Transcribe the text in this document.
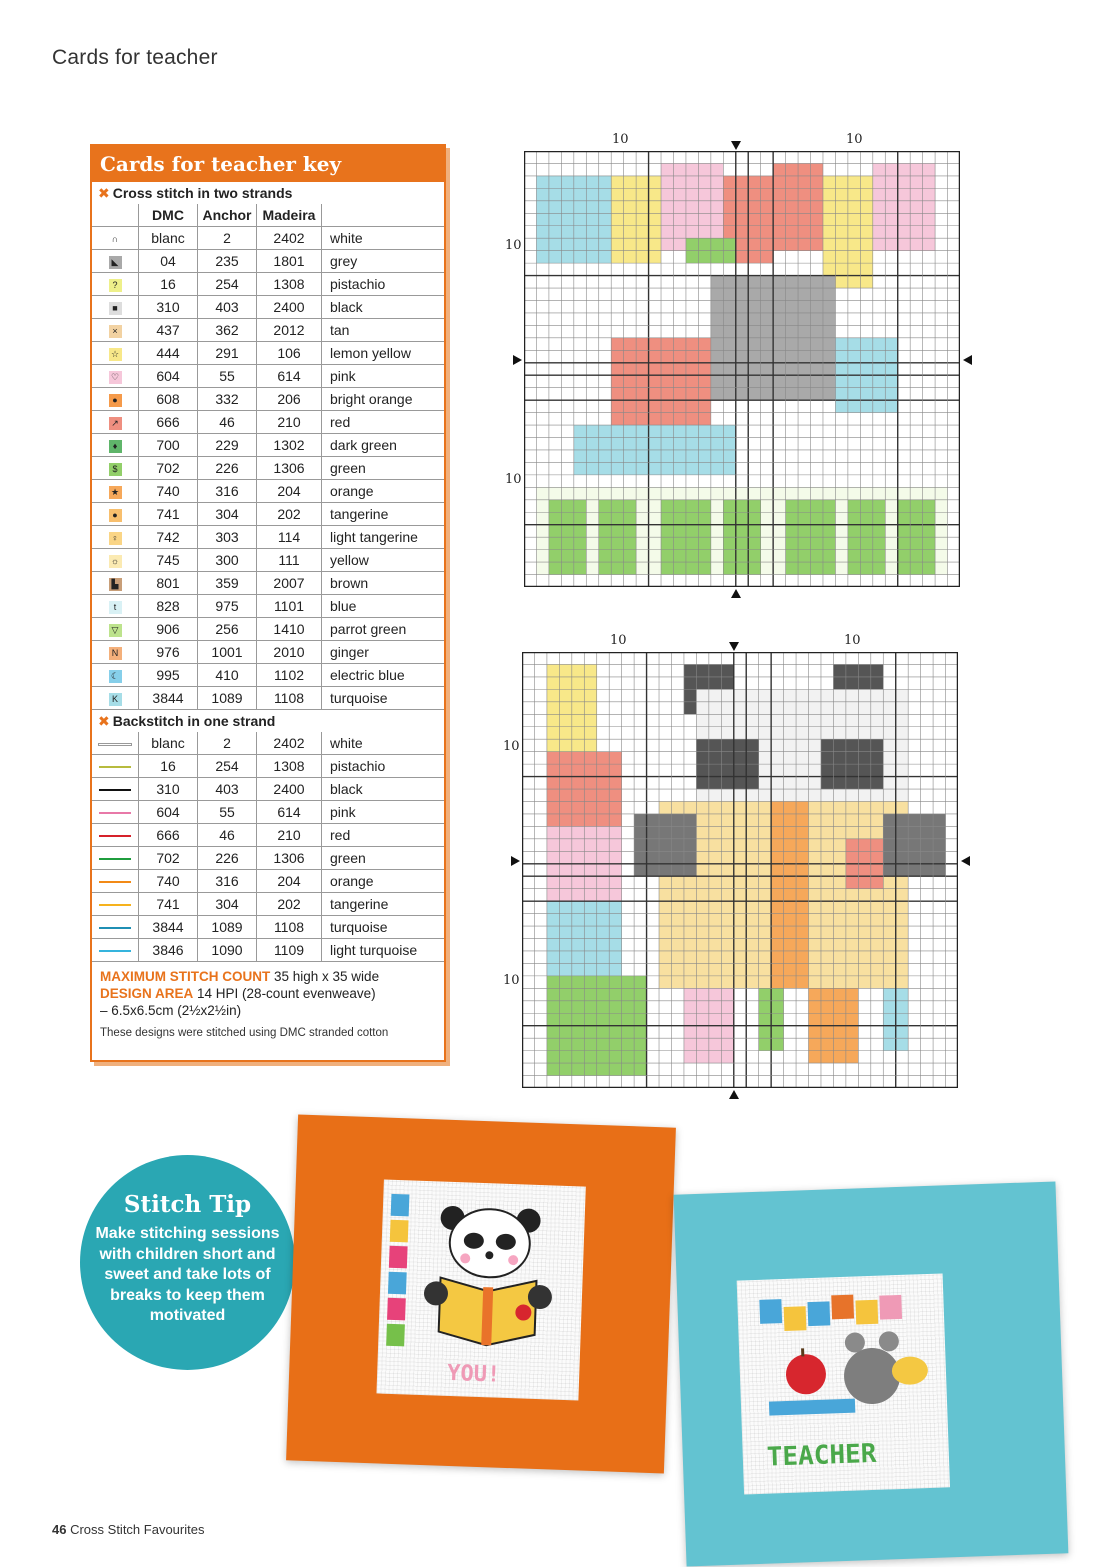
Cards for teacher
Cards for teacher key
✖ Cross stitch in two strands
	DMC	Anchor	Madeira	
∩	blanc	2	2402	white
◣	04	235	1801	grey
?	16	254	1308	pistachio
■	310	403	2400	black
×	437	362	2012	tan
☆	444	291	106	lemon yellow
♡	604	55	614	pink
●	608	332	206	bright orange
↗	666	46	210	red
♦	700	229	1302	dark green
$	702	226	1306	green
★	740	316	204	orange
●	741	304	202	tangerine
♀	742	303	114	light tangerine
☼	745	300	111	yellow
▙	801	359	2007	brown
t	828	975	1101	blue
▽	906	256	1410	parrot green
N	976	1001	2010	ginger
☾	995	410	1102	electric blue
K	3844	1089	1108	turquoise
✖ Backstitch in one strand
	blanc	2	2402	white
	16	254	1308	pistachio
	310	403	2400	black
	604	55	614	pink
	666	46	210	red
	702	226	1306	green
	740	316	204	orange
	741	304	202	tangerine
	3844	1089	1108	turquoise
	3846	1090	1109	light turquoise
MAXIMUM STITCH COUNT 35 high x 35 wide
DESIGN AREA 14 HPI (28-count evenweave)
– 6.5x6.5cm (2½x2½in)
These designs were stitched using DMC stranded cotton
10	10
10
10
10	10
10
10
Stitch Tip
Make stitching sessions with children short and sweet and take lots of breaks to keep them motivated
YOU!
TEACHER
46 Cross Stitch Favourites
